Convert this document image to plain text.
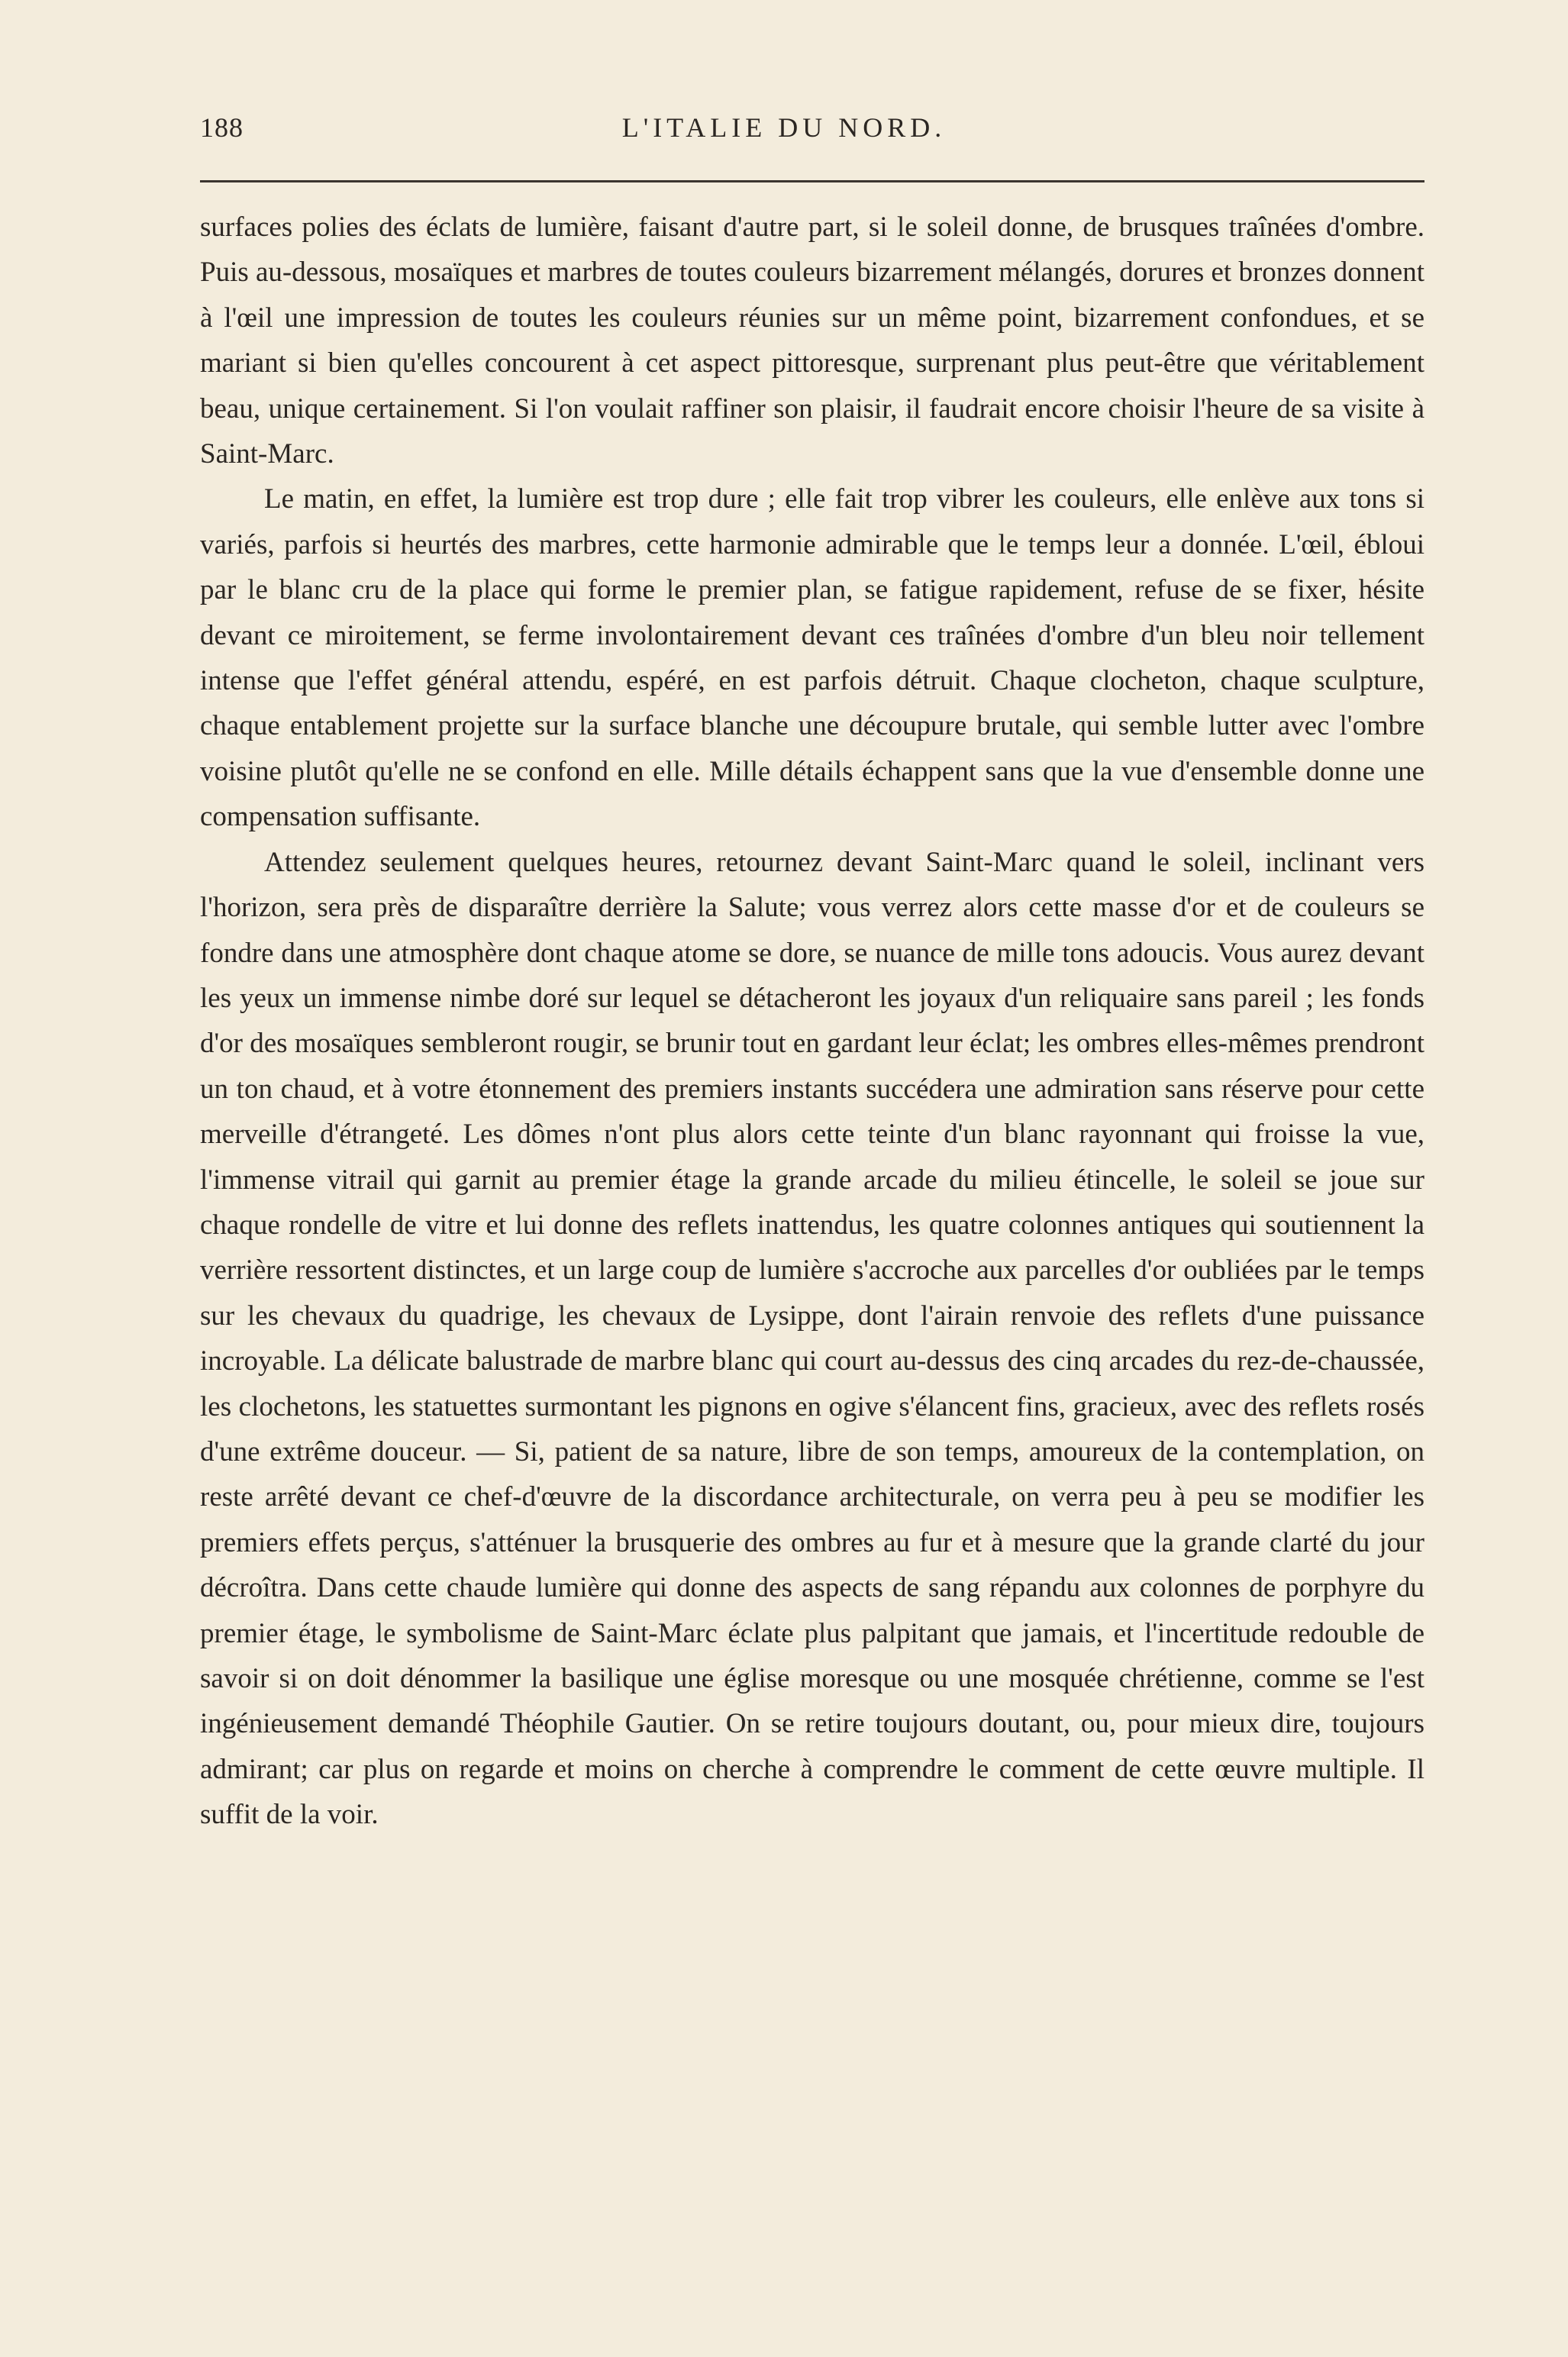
188	L'ITALIE DU NORD.

surfaces polies des éclats de lumière, faisant d'autre part, si le soleil donne, de brusques traînées d'ombre. Puis au-dessous, mosaïques et marbres de toutes couleurs bizarrement mélangés, dorures et bronzes donnent à l'œil une impression de toutes les couleurs réunies sur un même point, bizarrement confondues, et se mariant si bien qu'elles concourent à cet aspect pittoresque, surprenant plus peut-être que véritablement beau, unique certainement. Si l'on voulait raffiner son plaisir, il faudrait encore choisir l'heure de sa visite à Saint-Marc.

Le matin, en effet, la lumière est trop dure ; elle fait trop vibrer les couleurs, elle enlève aux tons si variés, parfois si heurtés des marbres, cette harmonie admirable que le temps leur a donnée. L'œil, ébloui par le blanc cru de la place qui forme le premier plan, se fatigue rapidement, refuse de se fixer, hésite devant ce miroitement, se ferme involontairement devant ces traînées d'ombre d'un bleu noir tellement intense que l'effet général attendu, espéré, en est parfois détruit. Chaque clocheton, chaque sculpture, chaque entablement projette sur la surface blanche une découpure brutale, qui semble lutter avec l'ombre voisine plutôt qu'elle ne se confond en elle. Mille détails échappent sans que la vue d'ensemble donne une compensation suffisante.

Attendez seulement quelques heures, retournez devant Saint-Marc quand le soleil, inclinant vers l'horizon, sera près de disparaître derrière la Salute; vous verrez alors cette masse d'or et de couleurs se fondre dans une atmosphère dont chaque atome se dore, se nuance de mille tons adoucis. Vous aurez devant les yeux un immense nimbe doré sur lequel se détacheront les joyaux d'un reliquaire sans pareil ; les fonds d'or des mosaïques sembleront rougir, se brunir tout en gardant leur éclat; les ombres elles-mêmes prendront un ton chaud, et à votre étonnement des premiers instants succédera une admiration sans réserve pour cette merveille d'étrangeté. Les dômes n'ont plus alors cette teinte d'un blanc rayonnant qui froisse la vue, l'immense vitrail qui garnit au premier étage la grande arcade du milieu étincelle, le soleil se joue sur chaque rondelle de vitre et lui donne des reflets inattendus, les quatre colonnes antiques qui soutiennent la verrière ressortent distinctes, et un large coup de lumière s'accroche aux parcelles d'or oubliées par le temps sur les chevaux du quadrige, les chevaux de Lysippe, dont l'airain renvoie des reflets d'une puissance incroyable. La délicate balustrade de marbre blanc qui court au-dessus des cinq arcades du rez-de-chaussée, les clochetons, les statuettes surmontant les pignons en ogive s'élancent fins, gracieux, avec des reflets rosés d'une extrême douceur. — Si, patient de sa nature, libre de son temps, amoureux de la contemplation, on reste arrêté devant ce chef-d'œuvre de la discordance architecturale, on verra peu à peu se modifier les premiers effets perçus, s'atténuer la brusquerie des ombres au fur et à mesure que la grande clarté du jour décroîtra. Dans cette chaude lumière qui donne des aspects de sang répandu aux colonnes de porphyre du premier étage, le symbolisme de Saint-Marc éclate plus palpitant que jamais, et l'incertitude redouble de savoir si on doit dénommer la basilique une église moresque ou une mosquée chrétienne, comme se l'est ingénieusement demandé Théophile Gautier. On se retire toujours doutant, ou, pour mieux dire, toujours admirant; car plus on regarde et moins on cherche à comprendre le comment de cette œuvre multiple. Il suffit de la voir.
